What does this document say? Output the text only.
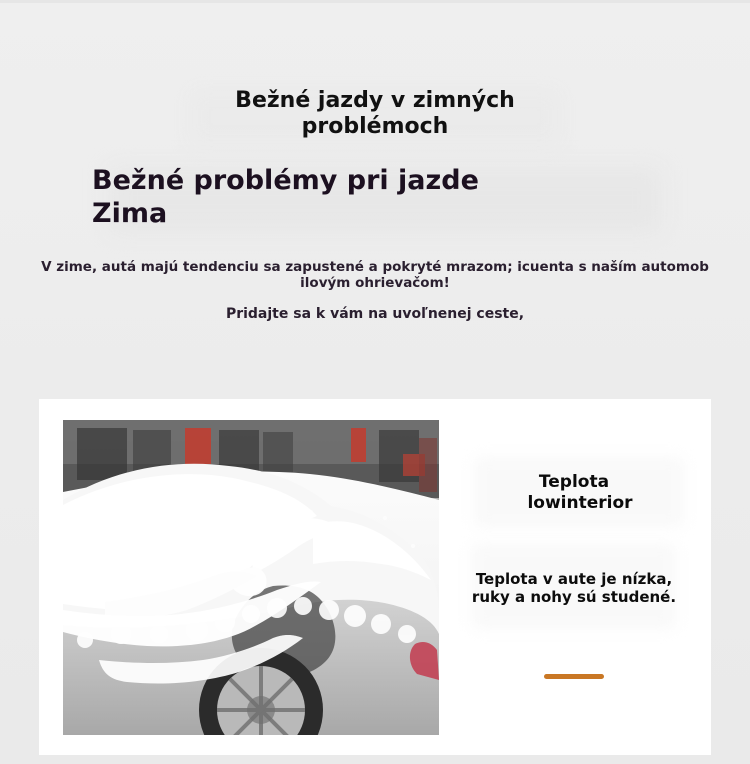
Bežné jazdy v zimných
problémoch
Bežné problémy pri jazde
Zima
V zime, autá majú tendenciu sa zapustené a pokryté mrazom; icuenta s naším automob
ilovým ohrievačom!
Pridajte sa k vám na uvoľnenej ceste,
Teplota
lowinterior
Teplota v aute je nízka,
ruky a nohy sú studené.
